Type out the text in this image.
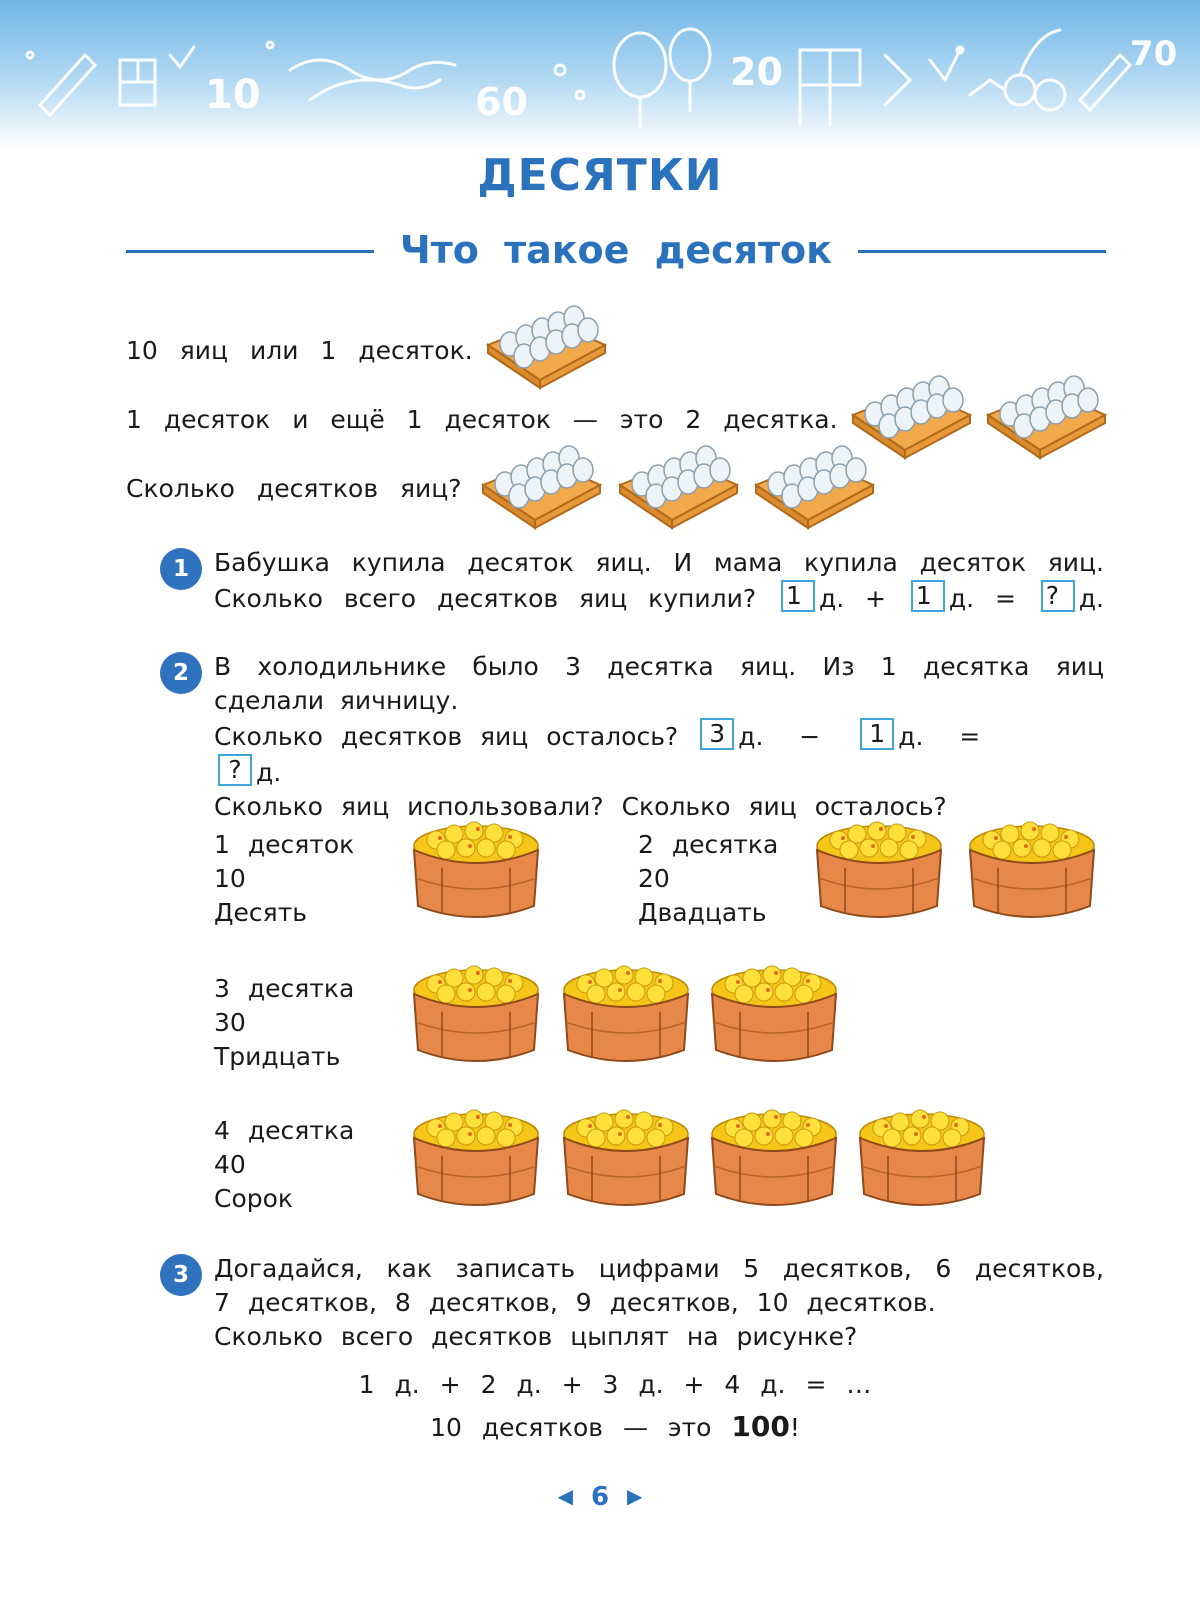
10	60
20	70
ДЕСЯТКИ
Что такое десяток
10 яиц или 1 десяток.
1 десяток и ещё 1 десяток — это 2 десятка.
Сколько десятков яиц?
1	Бабушка купила десяток яиц. И мама купила десяток яиц.
Сколько всего десятков яиц купили? 1 д. + 1 д. = ? д.
2	В холодильнике было 3 десятка яиц. Из 1 десятка яиц
сделали яичницу.
Сколько десятков яиц осталось? 3 д. − 1 д. =  ? д.
Сколько яиц использовали? Сколько яиц осталось?
1 десяток
10
Десять
2 десятка
20
Двадцать
3 десятка
30
Тридцать
4 десятка
40
Сорок
3	Догадайся, как записать цифрами 5 десятков, 6 десятков,
7 десятков, 8 десятков, 9 десятков, 10 десятков.
Сколько всего десятков цыплят на рисунке?
1 д. + 2 д. + 3 д. + 4 д. = …
10 десятков — это 100!
◀ 6 ▶
